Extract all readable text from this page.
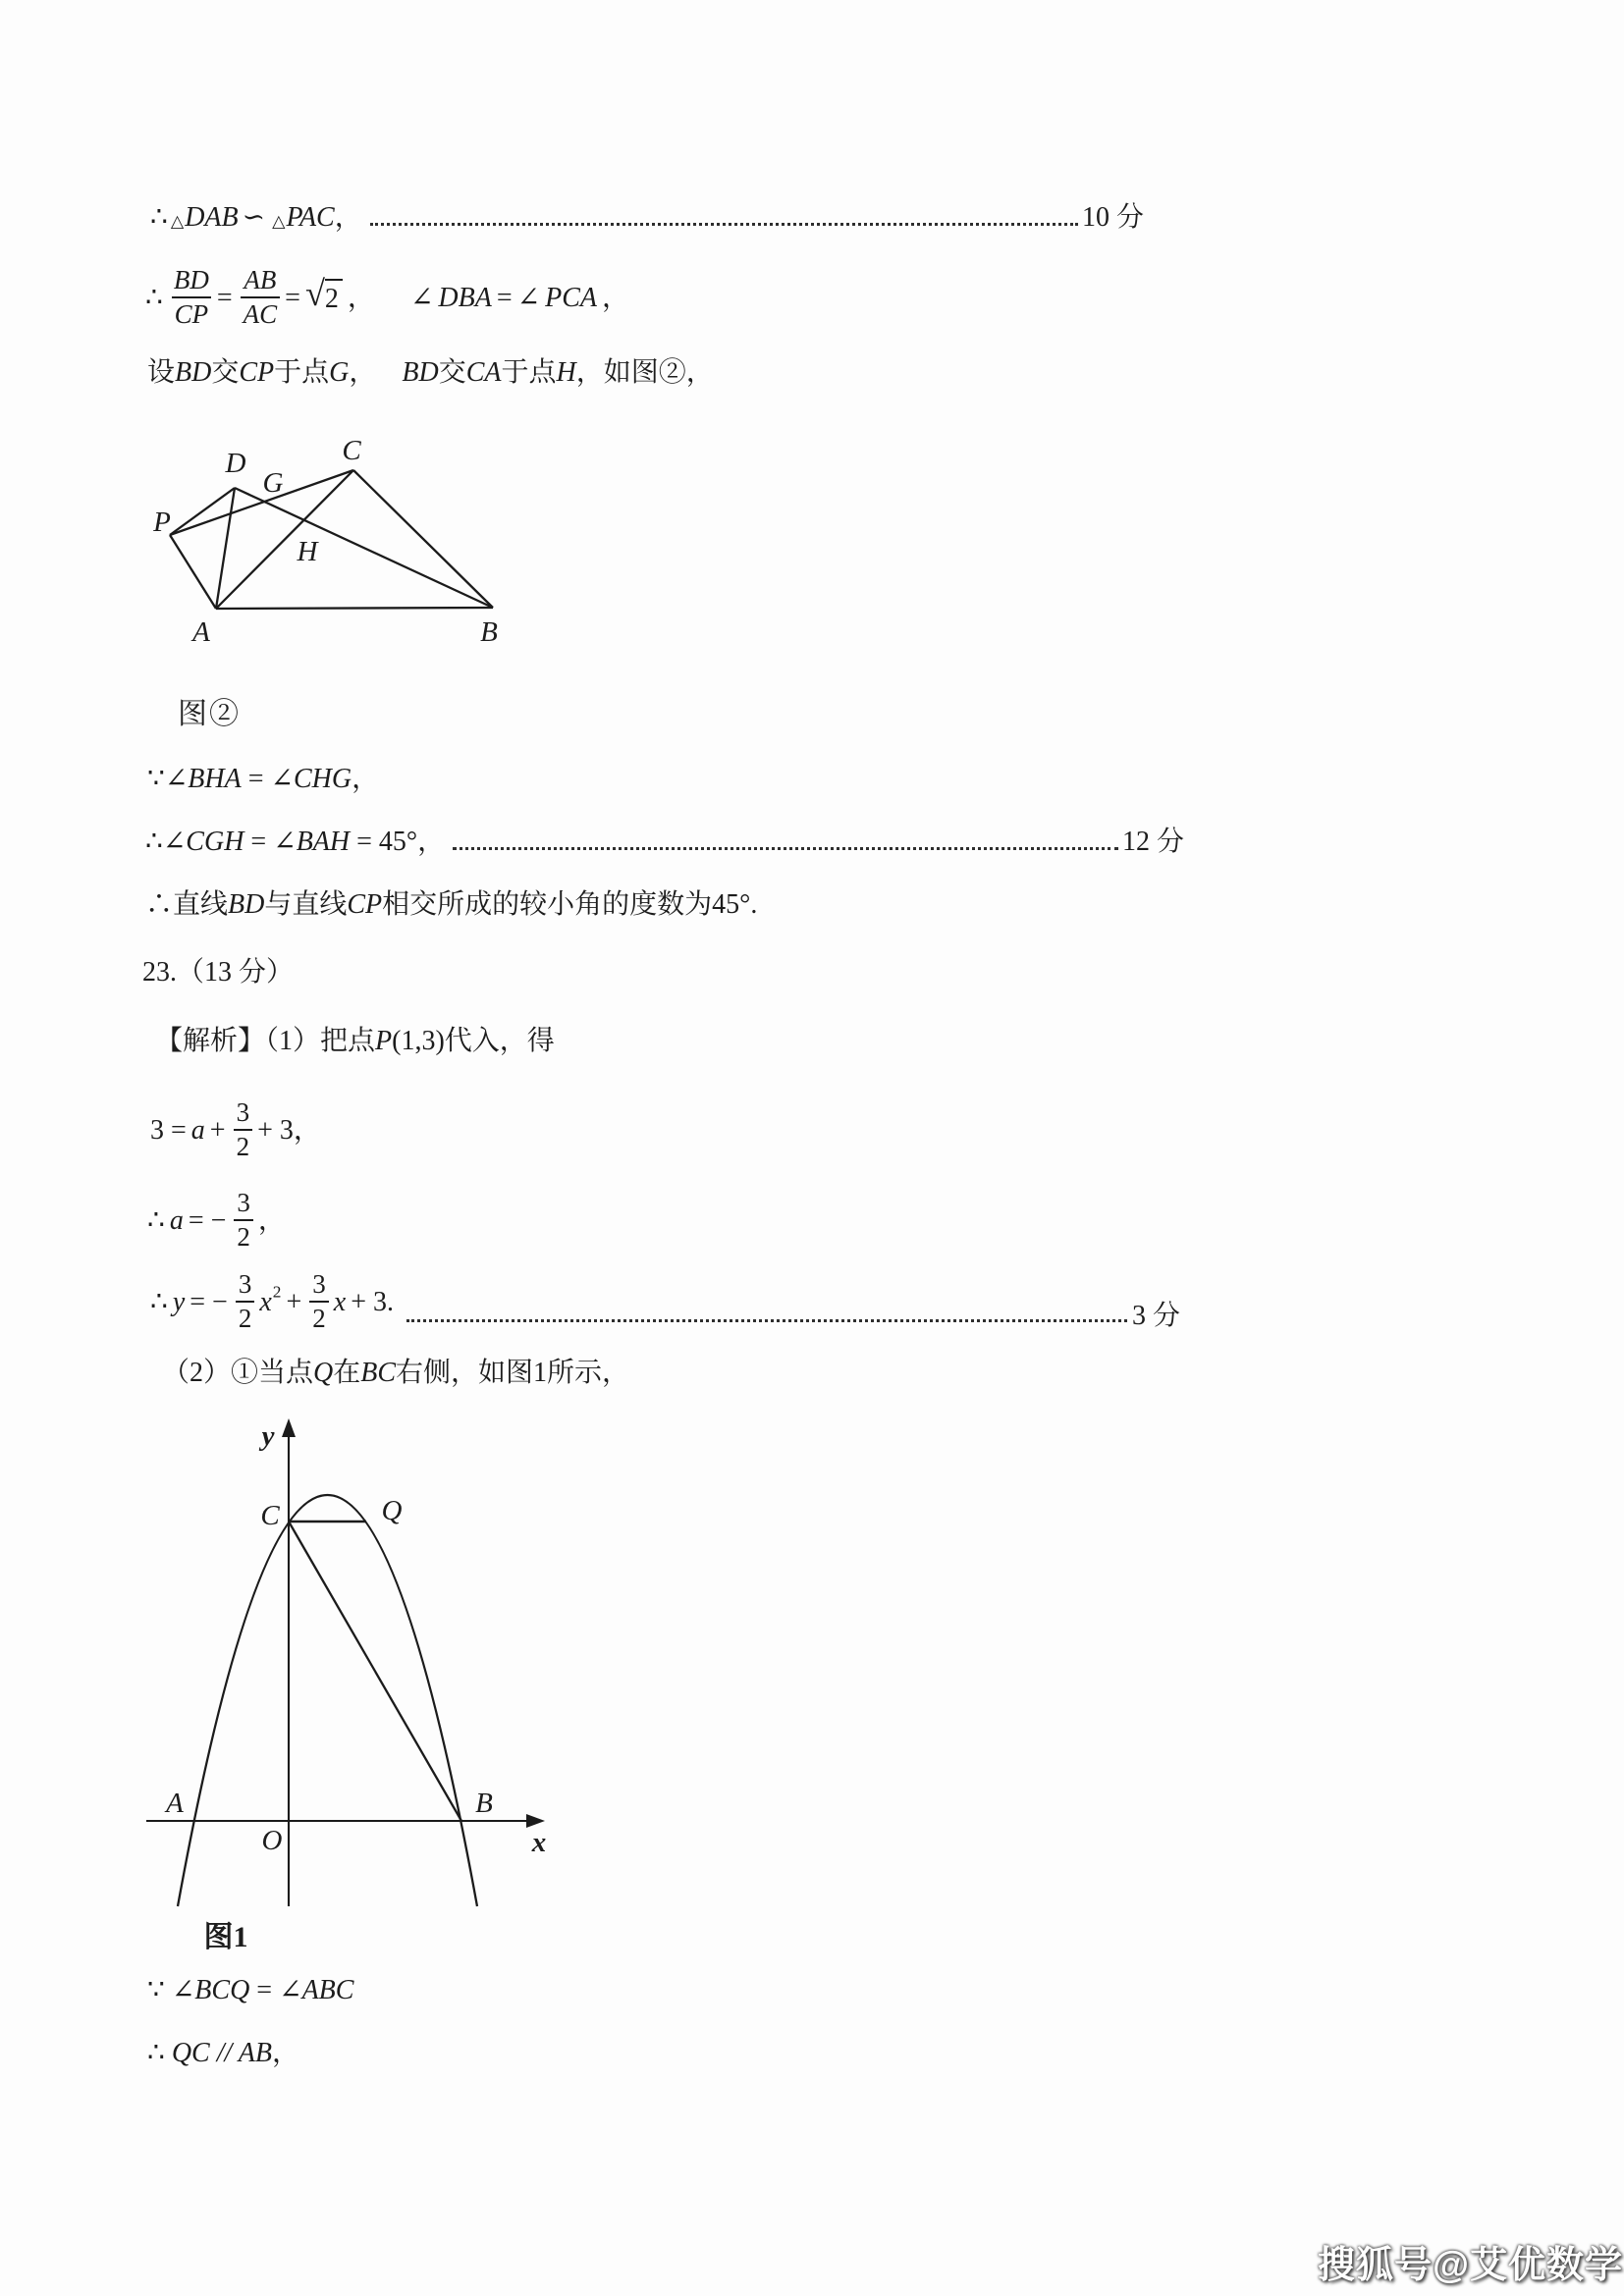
∴ △DAB ∽ △PAC，	10 分
∴ $\frac{BD}{CP} = \frac{AB}{AC}$ = √ 2 ， ∠ DBA = ∠ PCA ，
设BD交CP于点G， BD交CA于点H，如图②，
P
D
G
C
H
A	B
图②
∵∠BHA = ∠CHG，
∴∠CGH = ∠BAH = 45°，	12 分
∴直线BD与直线CP相交所成的较小角的度数为45°.
23.（13 分）
【解析】（1）把点P(1,3)代入，得
$3 = a + \frac{3}{2} + 3$，
∴ a = − $\frac{3}{2}$ ，
∴ y = − $\frac{3}{2}$ x $2 + \frac{3}{2}$ x + 3.	3 分
（2）①当点Q在BC右侧，如图1所示，
y
x
O
A	B
C	Q
图1
∵ ∠BCQ = ∠ABC
∴ QC // AB，
搜狐号@艾优数学
